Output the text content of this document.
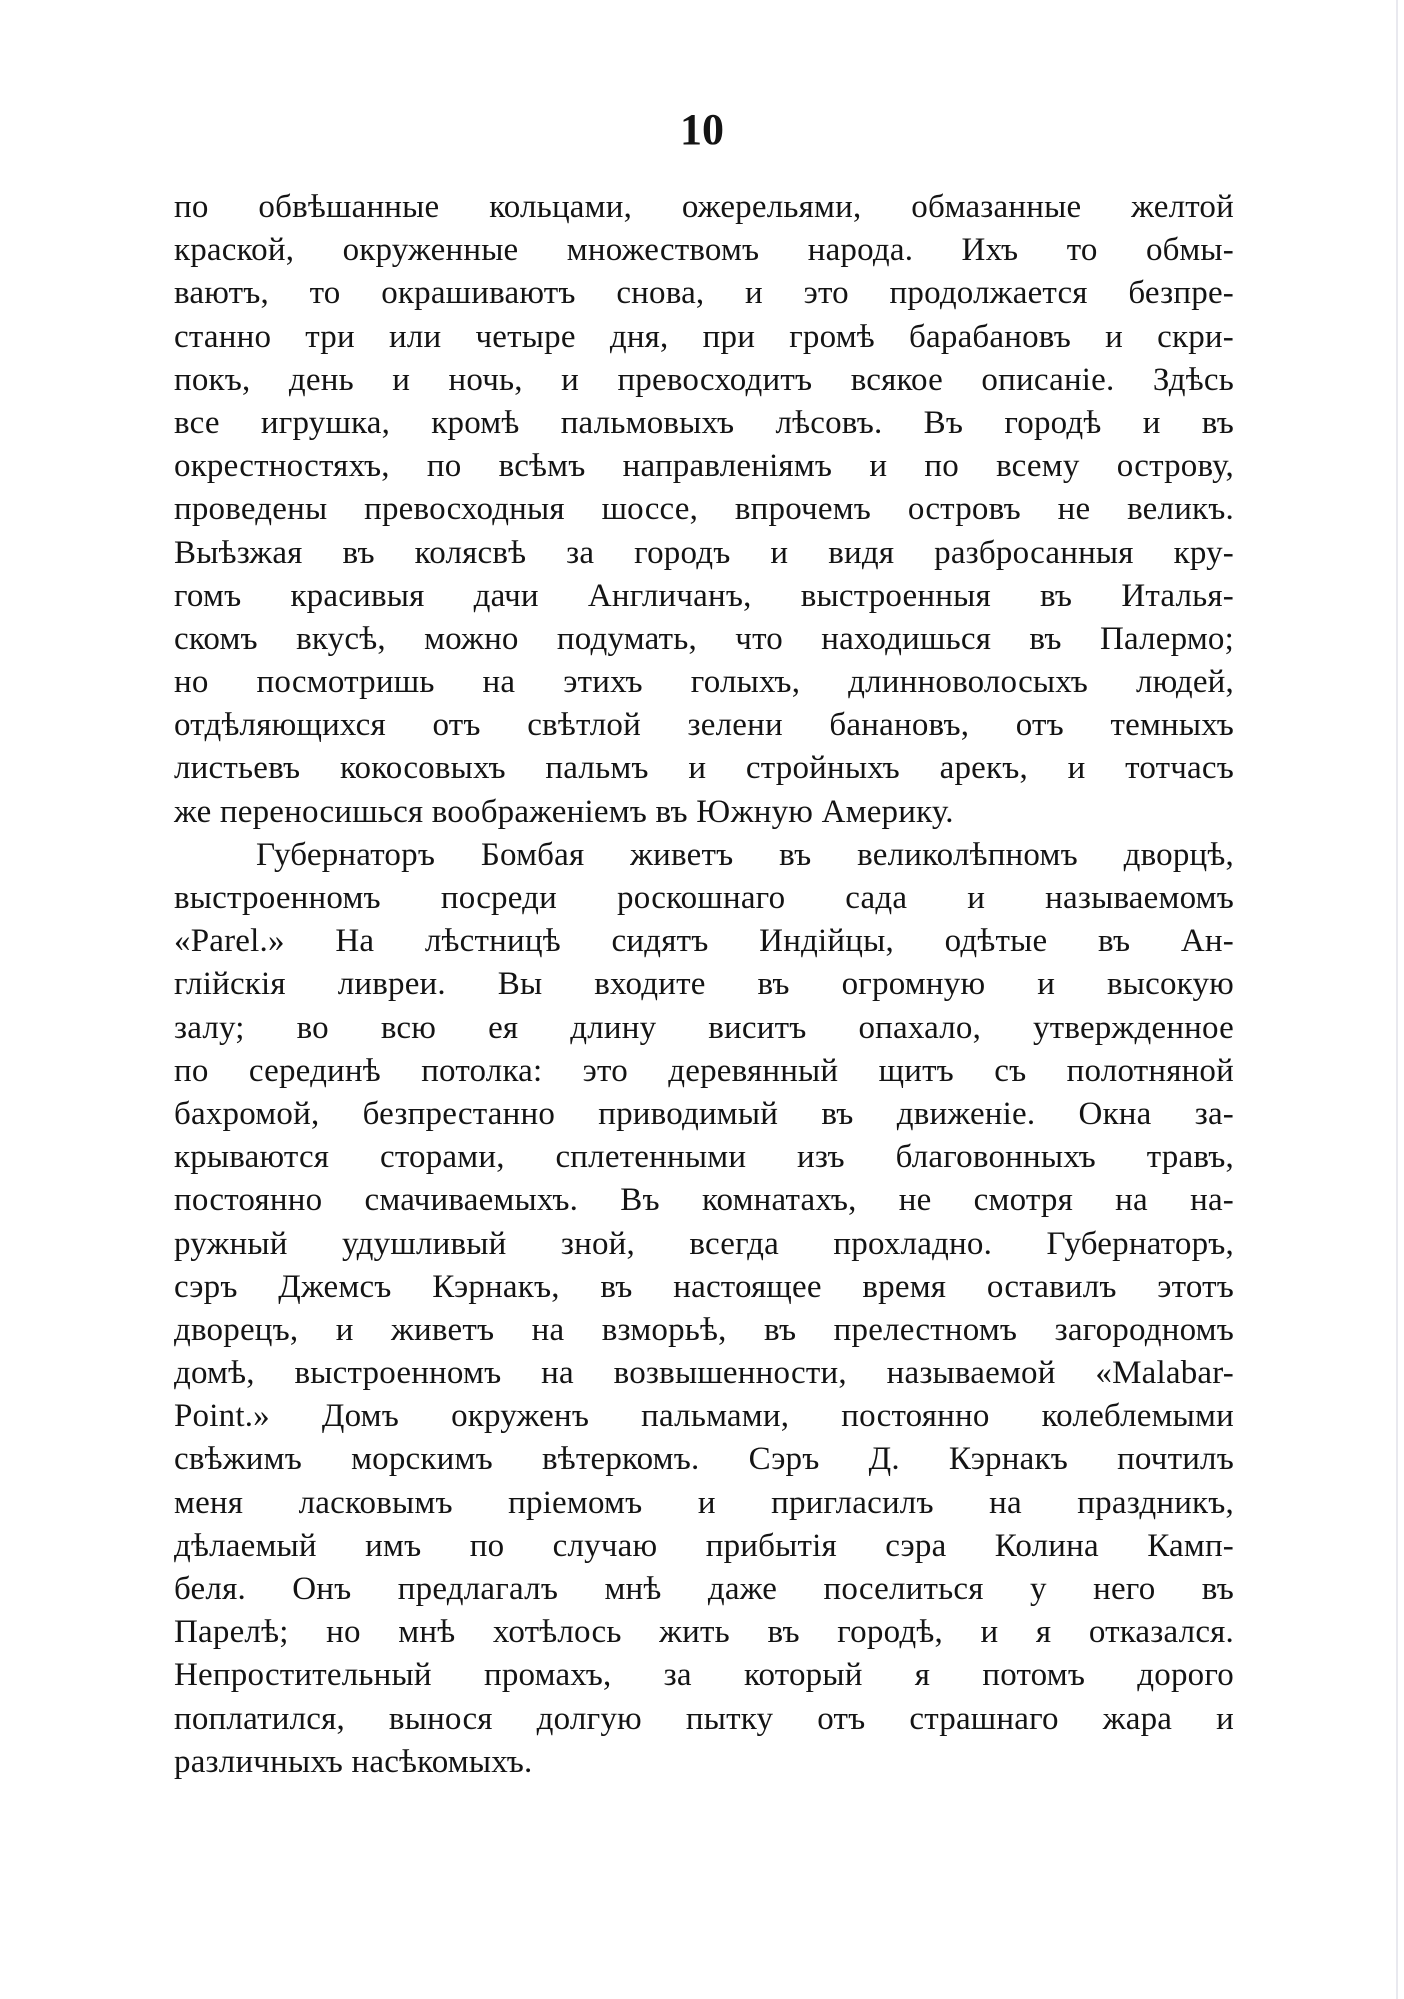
10
по обвѣшанные кольцами, ожерельями, обмазанные желтой
краской, окруженные множествомъ народа. Ихъ то обмы-
ваютъ, то окрашиваютъ снова, и это продолжается безпре-
станно три или четыре дня, при громѣ барабановъ и скри-
покъ, день и ночь, и превосходитъ всякое описаніе. Здѣсь
все игрушка, кромѣ пальмовыхъ лѣсовъ. Въ городѣ и въ
окрестностяхъ, по всѣмъ направленіямъ и по всему острову,
проведены превосходныя шоссе, впрочемъ островъ не великъ.
Выѣзжая въ колясвѣ за городъ и видя разбросанныя кру-
гомъ красивыя дачи Англичанъ, выстроенныя въ Италья-
скомъ вкусѣ, можно подумать, что находишься въ Палермо;
но посмотришь на этихъ голыхъ, длинноволосыхъ людей,
отдѣляющихся отъ свѣтлой зелени банановъ, отъ темныхъ
листьевъ кокосовыхъ пальмъ и стройныхъ арекъ, и тотчасъ
же переносишься воображеніемъ въ Южную Америку.
Губернаторъ Бомбая живетъ въ великолѣпномъ дворцѣ,
выстроенномъ посреди роскошнаго сада и называемомъ
«Parel.» На лѣстницѣ сидятъ Индійцы, одѣтые въ Ан-
глійскія ливреи. Вы входите въ огромную и высокую
залу; во всю ея длину виситъ опахало, утвержденное
по серединѣ потолка: это деревянный щитъ съ полотняной
бахромой, безпрестанно приводимый въ движеніе. Окна за-
крываются сторами, сплетенными изъ благовонныхъ травъ,
постоянно смачиваемыхъ. Въ комнатахъ, не смотря на на-
ружный удушливый зной, всегда прохладно. Губернаторъ,
сэръ Джемсъ Кэрнакъ, въ настоящее время оставилъ этотъ
дворецъ, и живетъ на взморьѣ, въ прелестномъ загородномъ
домѣ, выстроенномъ на возвышенности, называемой «Malabar-
Point.» Домъ окруженъ пальмами, постоянно колеблемыми
свѣжимъ морскимъ вѣтеркомъ. Сэръ Д. Кэрнакъ почтилъ
меня ласковымъ пріемомъ и пригласилъ на праздникъ,
дѣлаемый имъ по случаю прибытія сэра Колина Камп-
беля. Онъ предлагалъ мнѣ даже поселиться у него въ
Парелѣ; но мнѣ хотѣлось жить въ городѣ, и я отказался.
Непростительный промахъ, за который я потомъ дорого
поплатился, вынося долгую пытку отъ страшнаго жара и
различныхъ насѣкомыхъ.
